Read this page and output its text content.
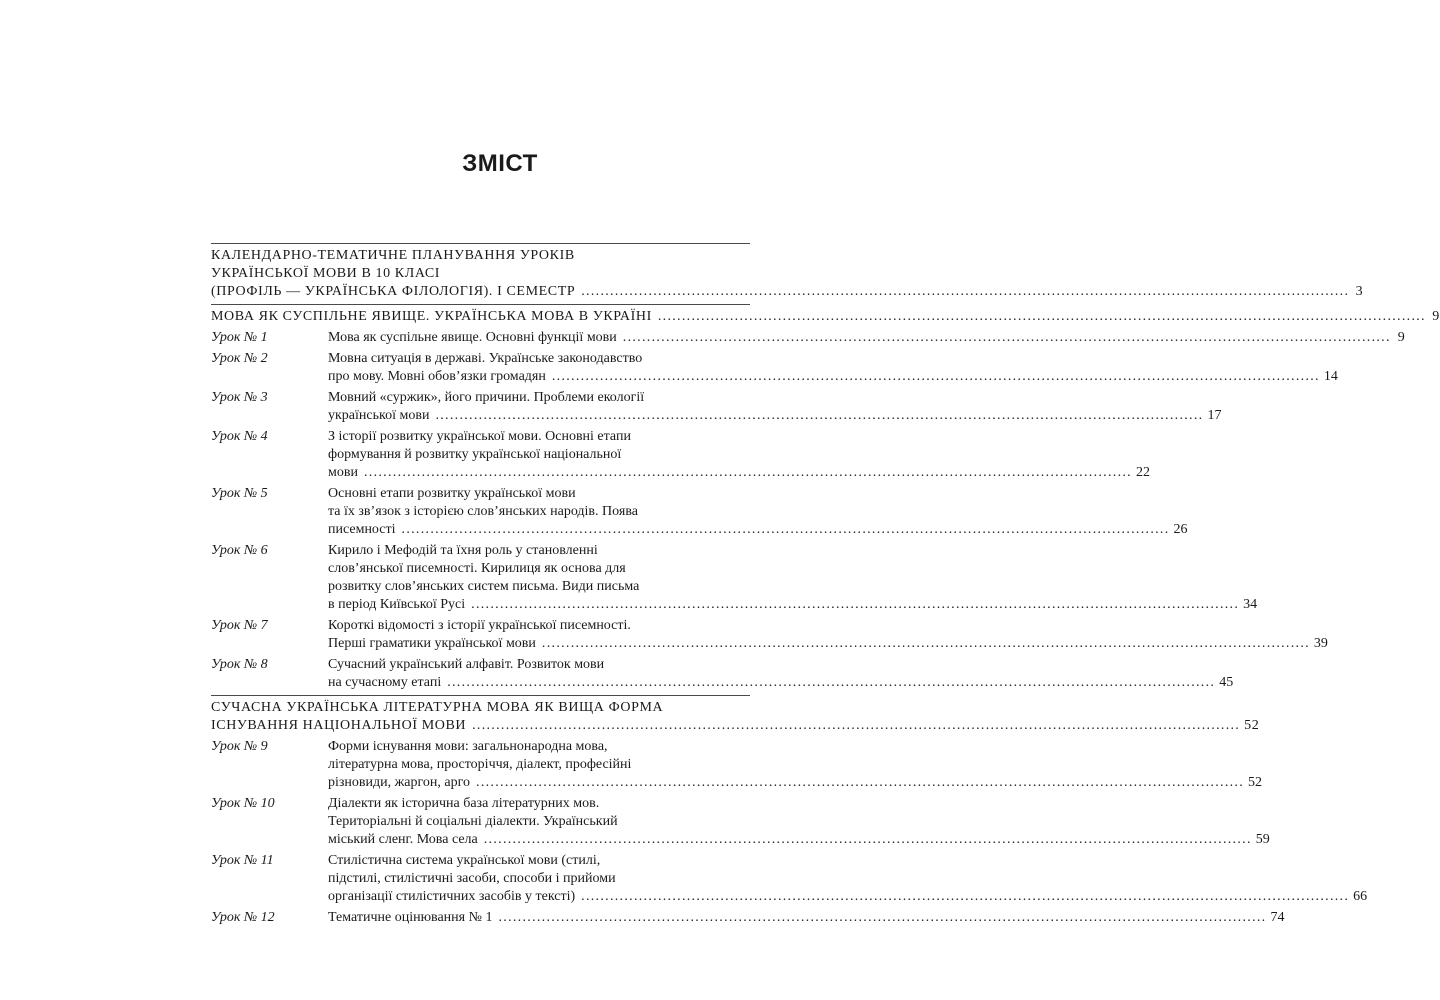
ЗМІСТ
КАЛЕНДАРНО-ТЕМАТИЧНЕ ПЛАНУВАННЯ УРОКІВ
УКРАЇНСЬКОЇ МОВИ В 10 КЛАСІ
(ПРОФІЛЬ — УКРАЇНСЬКА ФІЛОЛОГІЯ). I СЕМЕСТР .....	3
МОВА ЯК СУСПІЛЬНЕ ЯВИЩЕ. УКРАЇНСЬКА МОВА В УКРАЇНІ .....	9
Урок № 1	Мова як суспільне явище. Основні функції мови .....	9
Урок № 2	Мовна ситуація в державі. Українське законодавство
про мову. Мовні обов’язки громадян .....	14
Урок № 3	Мовний «суржик», його причини. Проблеми екології
української мови .....	17
Урок № 4	З історії розвитку української мови. Основні етапи
формування й розвитку української національної
мови .....	22
Урок № 5	Основні етапи розвитку української мови
та їх зв’язок з історією слов’янських народів. Поява
писемності .....	26
Урок № 6	Кирило і Мефодій та їхня роль у становленні
слов’янської писемності. Кирилиця як основа для
розвитку слов’янських систем письма. Види письма
в період Київської Русі .....	34
Урок № 7	Короткі відомості з історії української писемності.
Перші граматики української мови .....	39
Урок № 8	Сучасний український алфавіт. Розвиток мови
на сучасному етапі .....	45
СУЧАСНА УКРАЇНСЬКА ЛІТЕРАТУРНА МОВА ЯК ВИЩА ФОРМА
ІСНУВАННЯ НАЦІОНАЛЬНОЇ МОВИ .....	52
Урок № 9	Форми існування мови: загальнонародна мова,
літературна мова, просторіччя, діалект, професійні
різновиди, жаргон, арго .....	52
Урок № 10	Діалекти як історична база літературних мов.
Територіальні й соціальні діалекти. Український
міський сленг. Мова села .....	59
Урок № 11	Стилістична система української мови (стилі,
підстилі, стилістичні засоби, способи і прийоми
організації стилістичних засобів у тексті) .....	66
Урок № 12	Тематичне оцінювання № 1 .....	74
